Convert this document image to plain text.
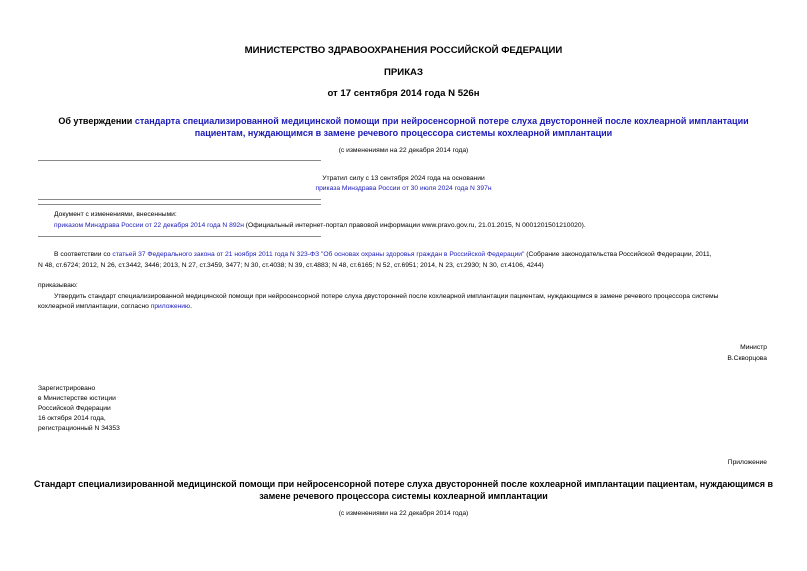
МИНИСТЕРСТВО ЗДРАВООХРАНЕНИЯ РОССИЙСКОЙ ФЕДЕРАЦИИ
ПРИКАЗ
от 17 сентября 2014 года N 526н
Об утверждении стандарта специализированной медицинской помощи при нейросенсорной потере слуха двусторонней после кохлеарной имплантации
пациентам, нуждающимся в замене речевого процессора системы кохлеарной имплантации
(с изменениями на 22 декабря 2014 года)
Утратил силу с 13 сентября 2024 года на основании
приказа Минздрава России от 30 июля 2024 года N 397н
Документ с изменениями, внесенными:
приказом Минздрава России от 22 декабря 2014 года N 892н (Официальный интернет-портал правовой информации www.pravo.gov.ru, 21.01.2015, N 0001201501210020).
В соответствии со статьей 37 Федерального закона от 21 ноября 2011 года N 323-ФЗ "Об основах охраны здоровья граждан в Российской Федерации" (Собрание законодательства Российской Федерации, 2011,
N 48, ст.6724; 2012, N 26, ст.3442, 3446; 2013, N 27, ст.3459, 3477; N 30, ст.4038; N 39, ст.4883; N 48, ст.6165; N 52, ст.6951; 2014, N 23, ст.2930; N 30, ст.4106, 4244)
приказываю:
Утвердить стандарт специализированной медицинской помощи при нейросенсорной потере слуха двусторонней после кохлеарной имплантации пациентам, нуждающимся в замене речевого процессора системы
кохлеарной имплантации, согласно приложению.
Министр
В.Скворцова
Зарегистрировано
в Министерстве юстиции
Российской Федерации
16 октября 2014 года,
регистрационный N 34353
Приложение
Стандарт специализированной медицинской помощи при нейросенсорной потере слуха двусторонней после кохлеарной имплантации пациентам, нуждающимся в
замене речевого процессора системы кохлеарной имплантации
(с изменениями на 22 декабря 2014 года)
